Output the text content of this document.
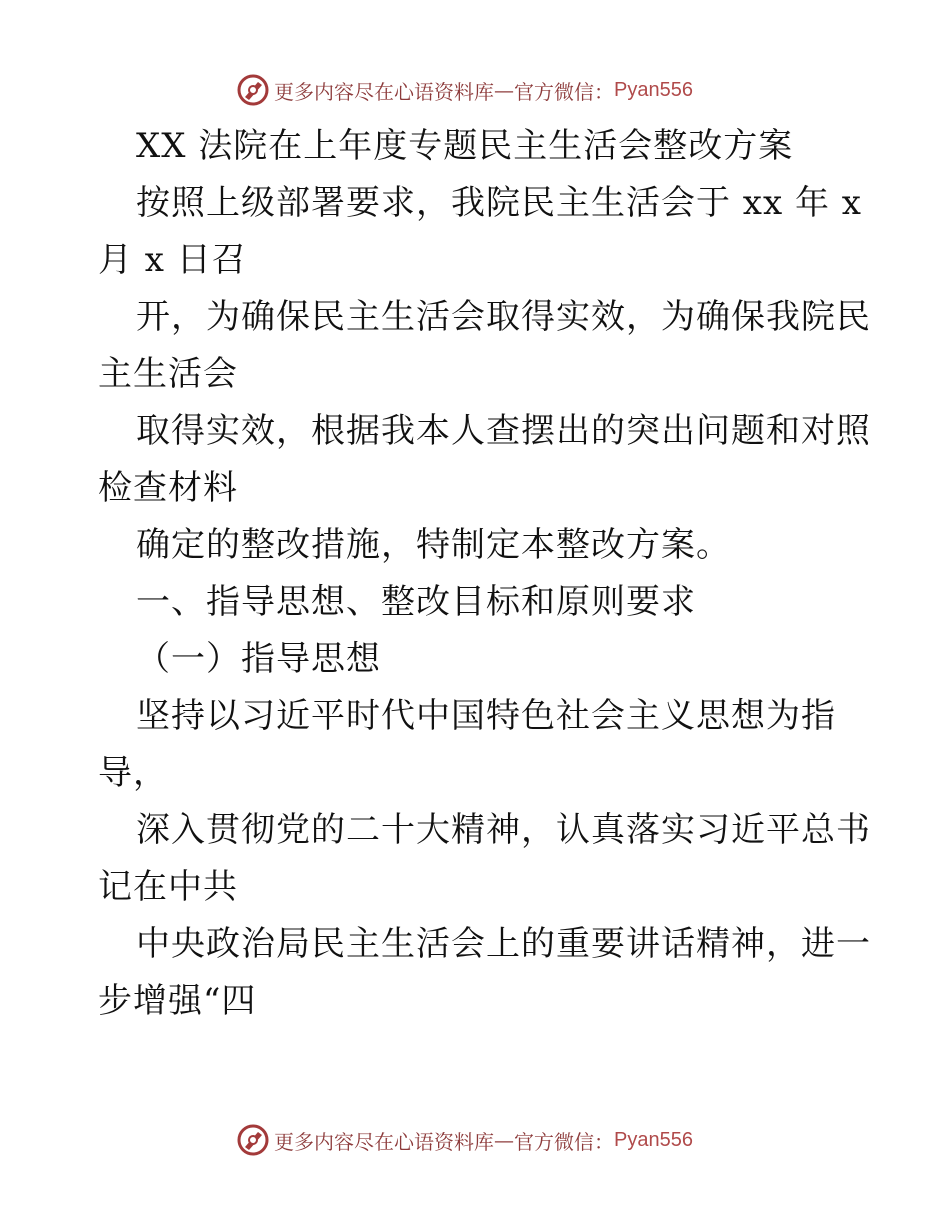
更多内容尽在心语资料库 — 官方微信： Pyan556
XX 法院在上年度专题民主生活会整改方案
按照上级部署要求，我院民主生活会于 xx 年 x
月 x 日召
开，为确保民主生活会取得实效，为确保我院民
主生活会
取得实效，根据我本人查摆出的突出问题和对照
检查材料
确定的整改措施，特制定本整改方案。
一、指导思想、整改目标和原则要求
（一）指导思想
坚持以习近平时代中国特色社会主义思想为指
导，
深入贯彻党的二十大精神，认真落实习近平总书
记在中共
中央政治局民主生活会上的重要讲话精神，进一
步增强“四
更多内容尽在心语资料库 — 官方微信： Pyan556
